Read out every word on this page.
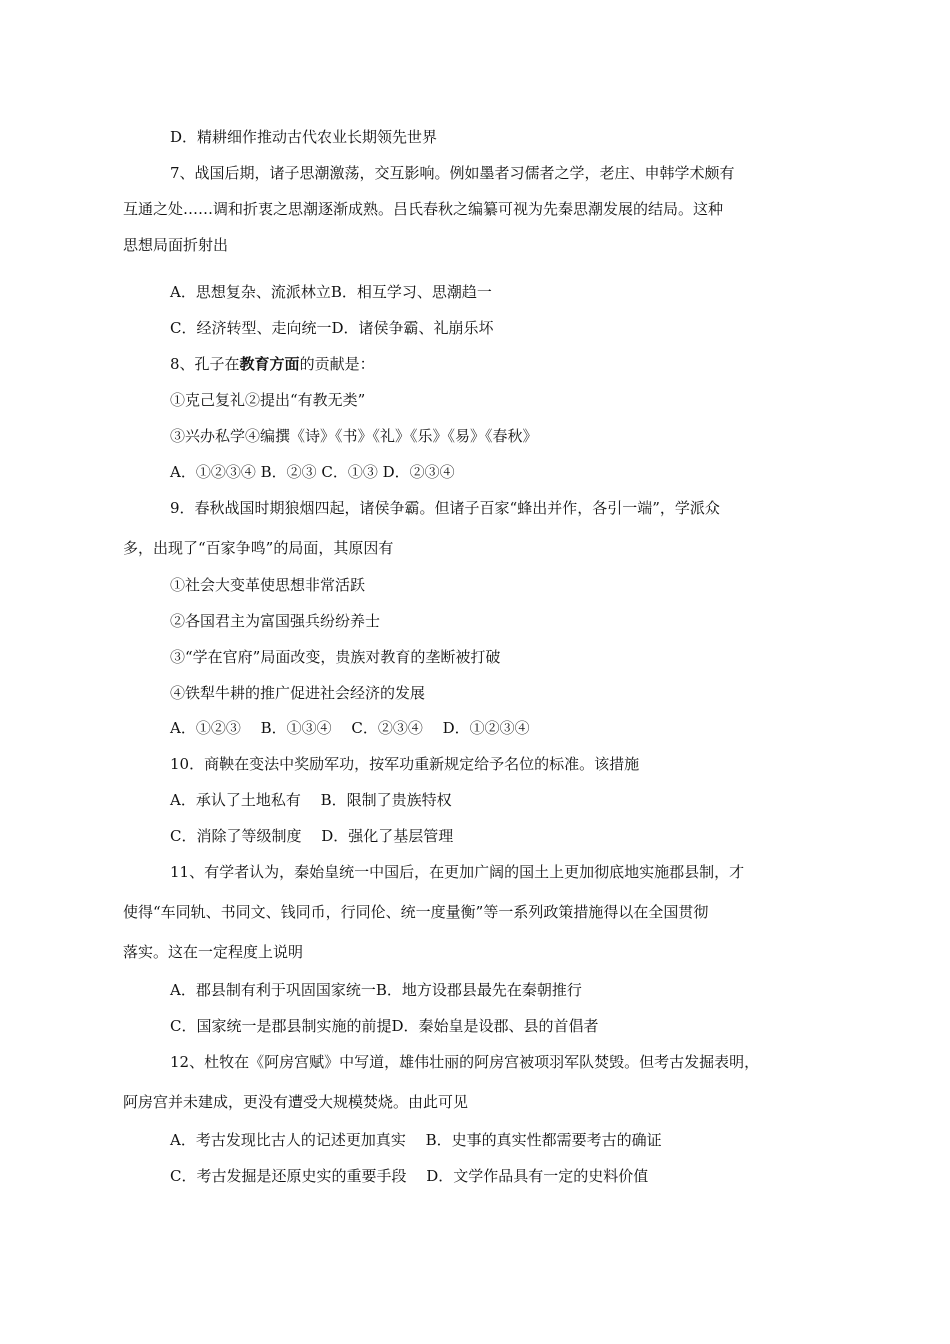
D．精耕细作推动古代农业长期领先世界
7、战国后期，诸子思潮激荡，交互影响。例如墨者习儒者之学，老庄、申韩学术颇有
互通之处……调和折衷之思潮逐渐成熟。吕氏春秋之编纂可视为先秦思潮发展的结局。这种
思想局面折射出
A．思想复杂、流派林立B．相互学习、思潮趋一
C．经济转型、走向统一D．诸侯争霸、礼崩乐坏
8、孔子在教育方面的贡献是：
①克己复礼②提出“有教无类”
③兴办私学④编撰《诗》《书》《礼》《乐》《易》《春秋》
A．①②③④ B．②③ C．①③ D．②③④
9．春秋战国时期狼烟四起，诸侯争霸。但诸子百家“蜂出并作，各引一端”，学派众
多，出现了“百家争鸣”的局面，其原因有
①社会大变革使思想非常活跃
②各国君主为富国强兵纷纷养士
③“学在官府”局面改变，贵族对教育的垄断被打破
④铁犁牛耕的推广促进社会经济的发展
A．①②③　 B．①③④　 C．②③④　 D．①②③④
10．商鞅在变法中奖励军功，按军功重新规定给予名位的标准。该措施
A．承认了土地私有　 B．限制了贵族特权
C．消除了等级制度　 D．强化了基层管理
11、有学者认为，秦始皇统一中国后，在更加广阔的国土上更加彻底地实施郡县制，才
使得“车同轨、书同文、钱同币，行同伦、统一度量衡”等一系列政策措施得以在全国贯彻
落实。这在一定程度上说明
A．郡县制有利于巩固国家统一B．地方设郡县最先在秦朝推行
C．国家统一是郡县制实施的前提D．秦始皇是设郡、县的首倡者
12、杜牧在《阿房宫赋》中写道，雄伟壮丽的阿房宫被项羽军队焚毁。但考古发掘表明，
阿房宫并未建成，更没有遭受大规模焚烧。由此可见
A．考古发现比古人的记述更加真实　 B．史事的真实性都需要考古的确证
C．考古发掘是还原史实的重要手段　 D．文学作品具有一定的史料价值
